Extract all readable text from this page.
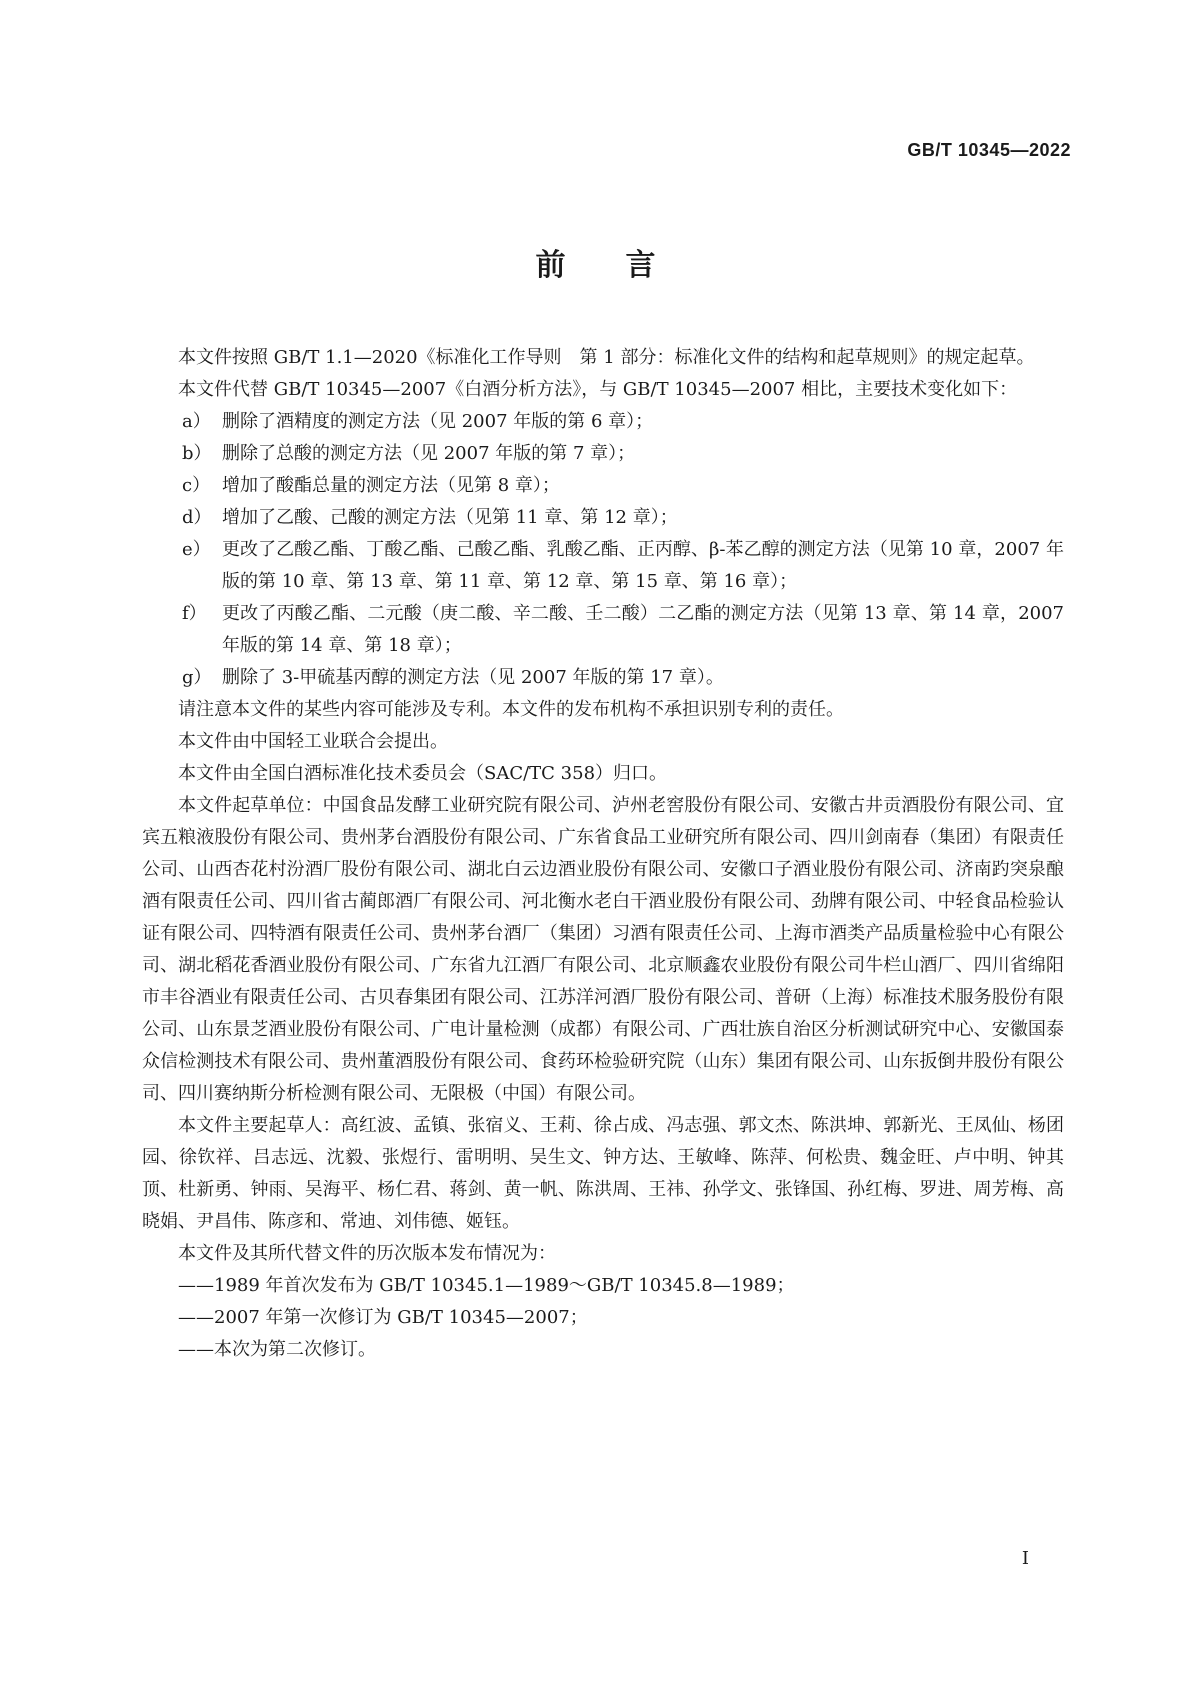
GB/T 10345—2022
前言

本文件按照 GB/T 1.1—2020《标准化工作导则　第 1 部分：标准化文件的结构和起草规则》的规定起草。

本文件代替 GB/T 10345—2007《白酒分析方法》，与 GB/T 10345—2007 相比，主要技术变化如下：

a） 删除了酒精度的测定方法（见 2007 年版的第 6 章）；
b） 删除了总酸的测定方法（见 2007 年版的第 7 章）；
c） 增加了酸酯总量的测定方法（见第 8 章）；
d） 增加了乙酸、己酸的测定方法（见第 11 章、第 12 章）；
e） 更改了乙酸乙酯、丁酸乙酯、己酸乙酯、乳酸乙酯、正丙醇、β-苯乙醇的测定方法（见第 10 章，2007 年版的第 10 章、第 13 章、第 11 章、第 12 章、第 15 章、第 16 章）；
f） 更改了丙酸乙酯、二元酸（庚二酸、辛二酸、壬二酸）二乙酯的测定方法（见第 13 章、第 14 章，2007 年版的第 14 章、第 18 章）；
g） 删除了 3-甲硫基丙醇的测定方法（见 2007 年版的第 17 章）。

请注意本文件的某些内容可能涉及专利。本文件的发布机构不承担识别专利的责任。

本文件由中国轻工业联合会提出。

本文件由全国白酒标准化技术委员会（SAC/TC 358）归口。

本文件起草单位：中国食品发酵工业研究院有限公司、泸州老窖股份有限公司、安徽古井贡酒股份有限公司、宜宾五粮液股份有限公司、贵州茅台酒股份有限公司、广东省食品工业研究所有限公司、四川剑南春（集团）有限责任公司、山西杏花村汾酒厂股份有限公司、湖北白云边酒业股份有限公司、安徽口子酒业股份有限公司、济南趵突泉酿酒有限责任公司、四川省古蔺郎酒厂有限公司、河北衡水老白干酒业股份有限公司、劲牌有限公司、中轻食品检验认证有限公司、四特酒有限责任公司、贵州茅台酒厂（集团）习酒有限责任公司、上海市酒类产品质量检验中心有限公司、湖北稻花香酒业股份有限公司、广东省九江酒厂有限公司、北京顺鑫农业股份有限公司牛栏山酒厂、四川省绵阳市丰谷酒业有限责任公司、古贝春集团有限公司、江苏洋河酒厂股份有限公司、普研（上海）标准技术服务股份有限公司、山东景芝酒业股份有限公司、广电计量检测（成都）有限公司、广西壮族自治区分析测试研究中心、安徽国泰众信检测技术有限公司、贵州董酒股份有限公司、食药环检验研究院（山东）集团有限公司、山东扳倒井股份有限公司、四川赛纳斯分析检测有限公司、无限极（中国）有限公司。

本文件主要起草人：高红波、孟镇、张宿义、王莉、徐占成、冯志强、郭文杰、陈洪坤、郭新光、王凤仙、杨团园、徐钦祥、吕志远、沈毅、张煜行、雷明明、吴生文、钟方达、王敏峰、陈萍、何松贵、魏金旺、卢中明、钟其顶、杜新勇、钟雨、吴海平、杨仁君、蒋剑、黄一帆、陈洪周、王祎、孙学文、张锋国、孙红梅、罗进、周芳梅、高晓娟、尹昌伟、陈彦和、常迪、刘伟德、姬钰。

本文件及其所代替文件的历次版本发布情况为：

——1989 年首次发布为 GB/T 10345.1—1989～GB/T 10345.8—1989；

——2007 年第一次修订为 GB/T 10345—2007；

——本次为第二次修订。

I
